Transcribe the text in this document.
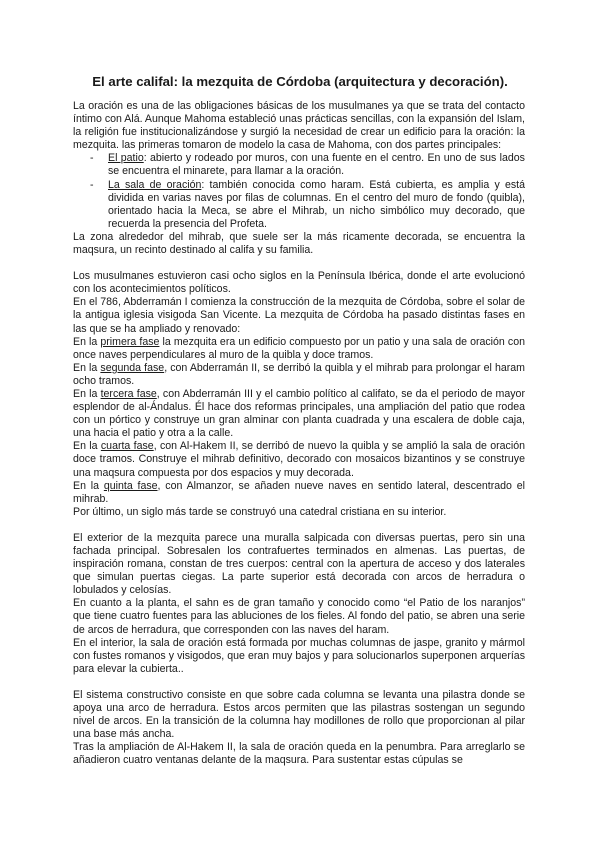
El arte califal: la mezquita de Córdoba (arquitectura y decoración).

La oración es una de las obligaciones básicas de los musulmanes ya que se trata del contacto íntimo con Alá. Aunque Mahoma estableció unas prácticas sencillas, con la expansión del Islam, la religión fue institucionalizándose y surgió la necesidad de crear un edificio para la oración: la mezquita. las primeras tomaron de modelo la casa de Mahoma, con dos partes principales:

- El patio: abierto y rodeado por muros, con una fuente en el centro. En uno de sus lados se encuentra el minarete, para llamar a la oración.
- La sala de oración: también conocida como haram. Está cubierta, es amplia y está dividida en varias naves por filas de columnas. En el centro del muro de fondo (quibla), orientado hacia la Meca, se abre el Mihrab, un nicho simbólico muy decorado, que recuerda la presencia del Profeta.

La zona alrededor del mihrab, que suele ser la más ricamente decorada, se encuentra la maqsura, un recinto destinado al califa y su familia.

Los musulmanes estuvieron casi ocho siglos en la Península Ibérica, donde el arte evolucionó con los acontecimientos políticos.

En el 786, Abderramán I comienza la construcción de la mezquita de Córdoba, sobre el solar de la antigua iglesia visigoda San Vicente. La mezquita de Córdoba ha pasado distintas fases en las que se ha ampliado y renovado:

En la primera fase la mezquita era un edificio compuesto por un patio y una sala de oración con once naves perpendiculares al muro de la quibla y doce tramos.

En la segunda fase, con Abderramán II, se derribó la quibla y el mihrab para prolongar el haram ocho tramos.

En la tercera fase, con Abderramán III y el cambio político al califato, se da el periodo de mayor esplendor de al-Ándalus. Él hace dos reformas principales, una ampliación del patio que rodea con un pórtico y construye un gran alminar con planta cuadrada y una escalera de doble caja, una hacia el patio y otra a la calle.

En la cuarta fase, con Al-Hakem II, se derribó de nuevo la quibla y se amplió la sala de oración doce tramos. Construye el mihrab definitivo, decorado con mosaicos bizantinos y se construye una maqsura compuesta por dos espacios y muy decorada.

En la quinta fase, con Almanzor, se añaden nueve naves en sentido lateral, descentrado el mihrab.

Por último, un siglo más tarde se construyó una catedral cristiana en su interior.

El exterior de la mezquita parece una muralla salpicada con diversas puertas, pero sin una fachada principal. Sobresalen los contrafuertes terminados en almenas. Las puertas, de inspiración romana, constan de tres cuerpos: central con la apertura de acceso y dos laterales que simulan puertas ciegas. La parte superior está decorada con arcos de herradura o lobulados y celosías.

En cuanto a la planta, el sahn es de gran tamaño y conocido como “el Patio de los naranjos” que tiene cuatro fuentes para las abluciones de los fieles. Al fondo del patio, se abren una serie de arcos de herradura, que corresponden con las naves del haram.

En el interior, la sala de oración está formada por muchas columnas de jaspe, granito y mármol con fustes romanos y visigodos, que eran muy bajos y para solucionarlos superponen arquerías para elevar la cubierta..

El sistema constructivo consiste en que sobre cada columna se levanta una pilastra donde se apoya una arco de herradura. Estos arcos permiten que las pilastras sostengan un segundo nivel de arcos. En la transición de la columna hay modillones de rollo que proporcionan al pilar una base más ancha.

Tras la ampliación de Al-Hakem II, la sala de oración queda en la penumbra. Para arreglarlo se añadieron cuatro ventanas delante de la maqsura. Para sustentar estas cúpulas se
